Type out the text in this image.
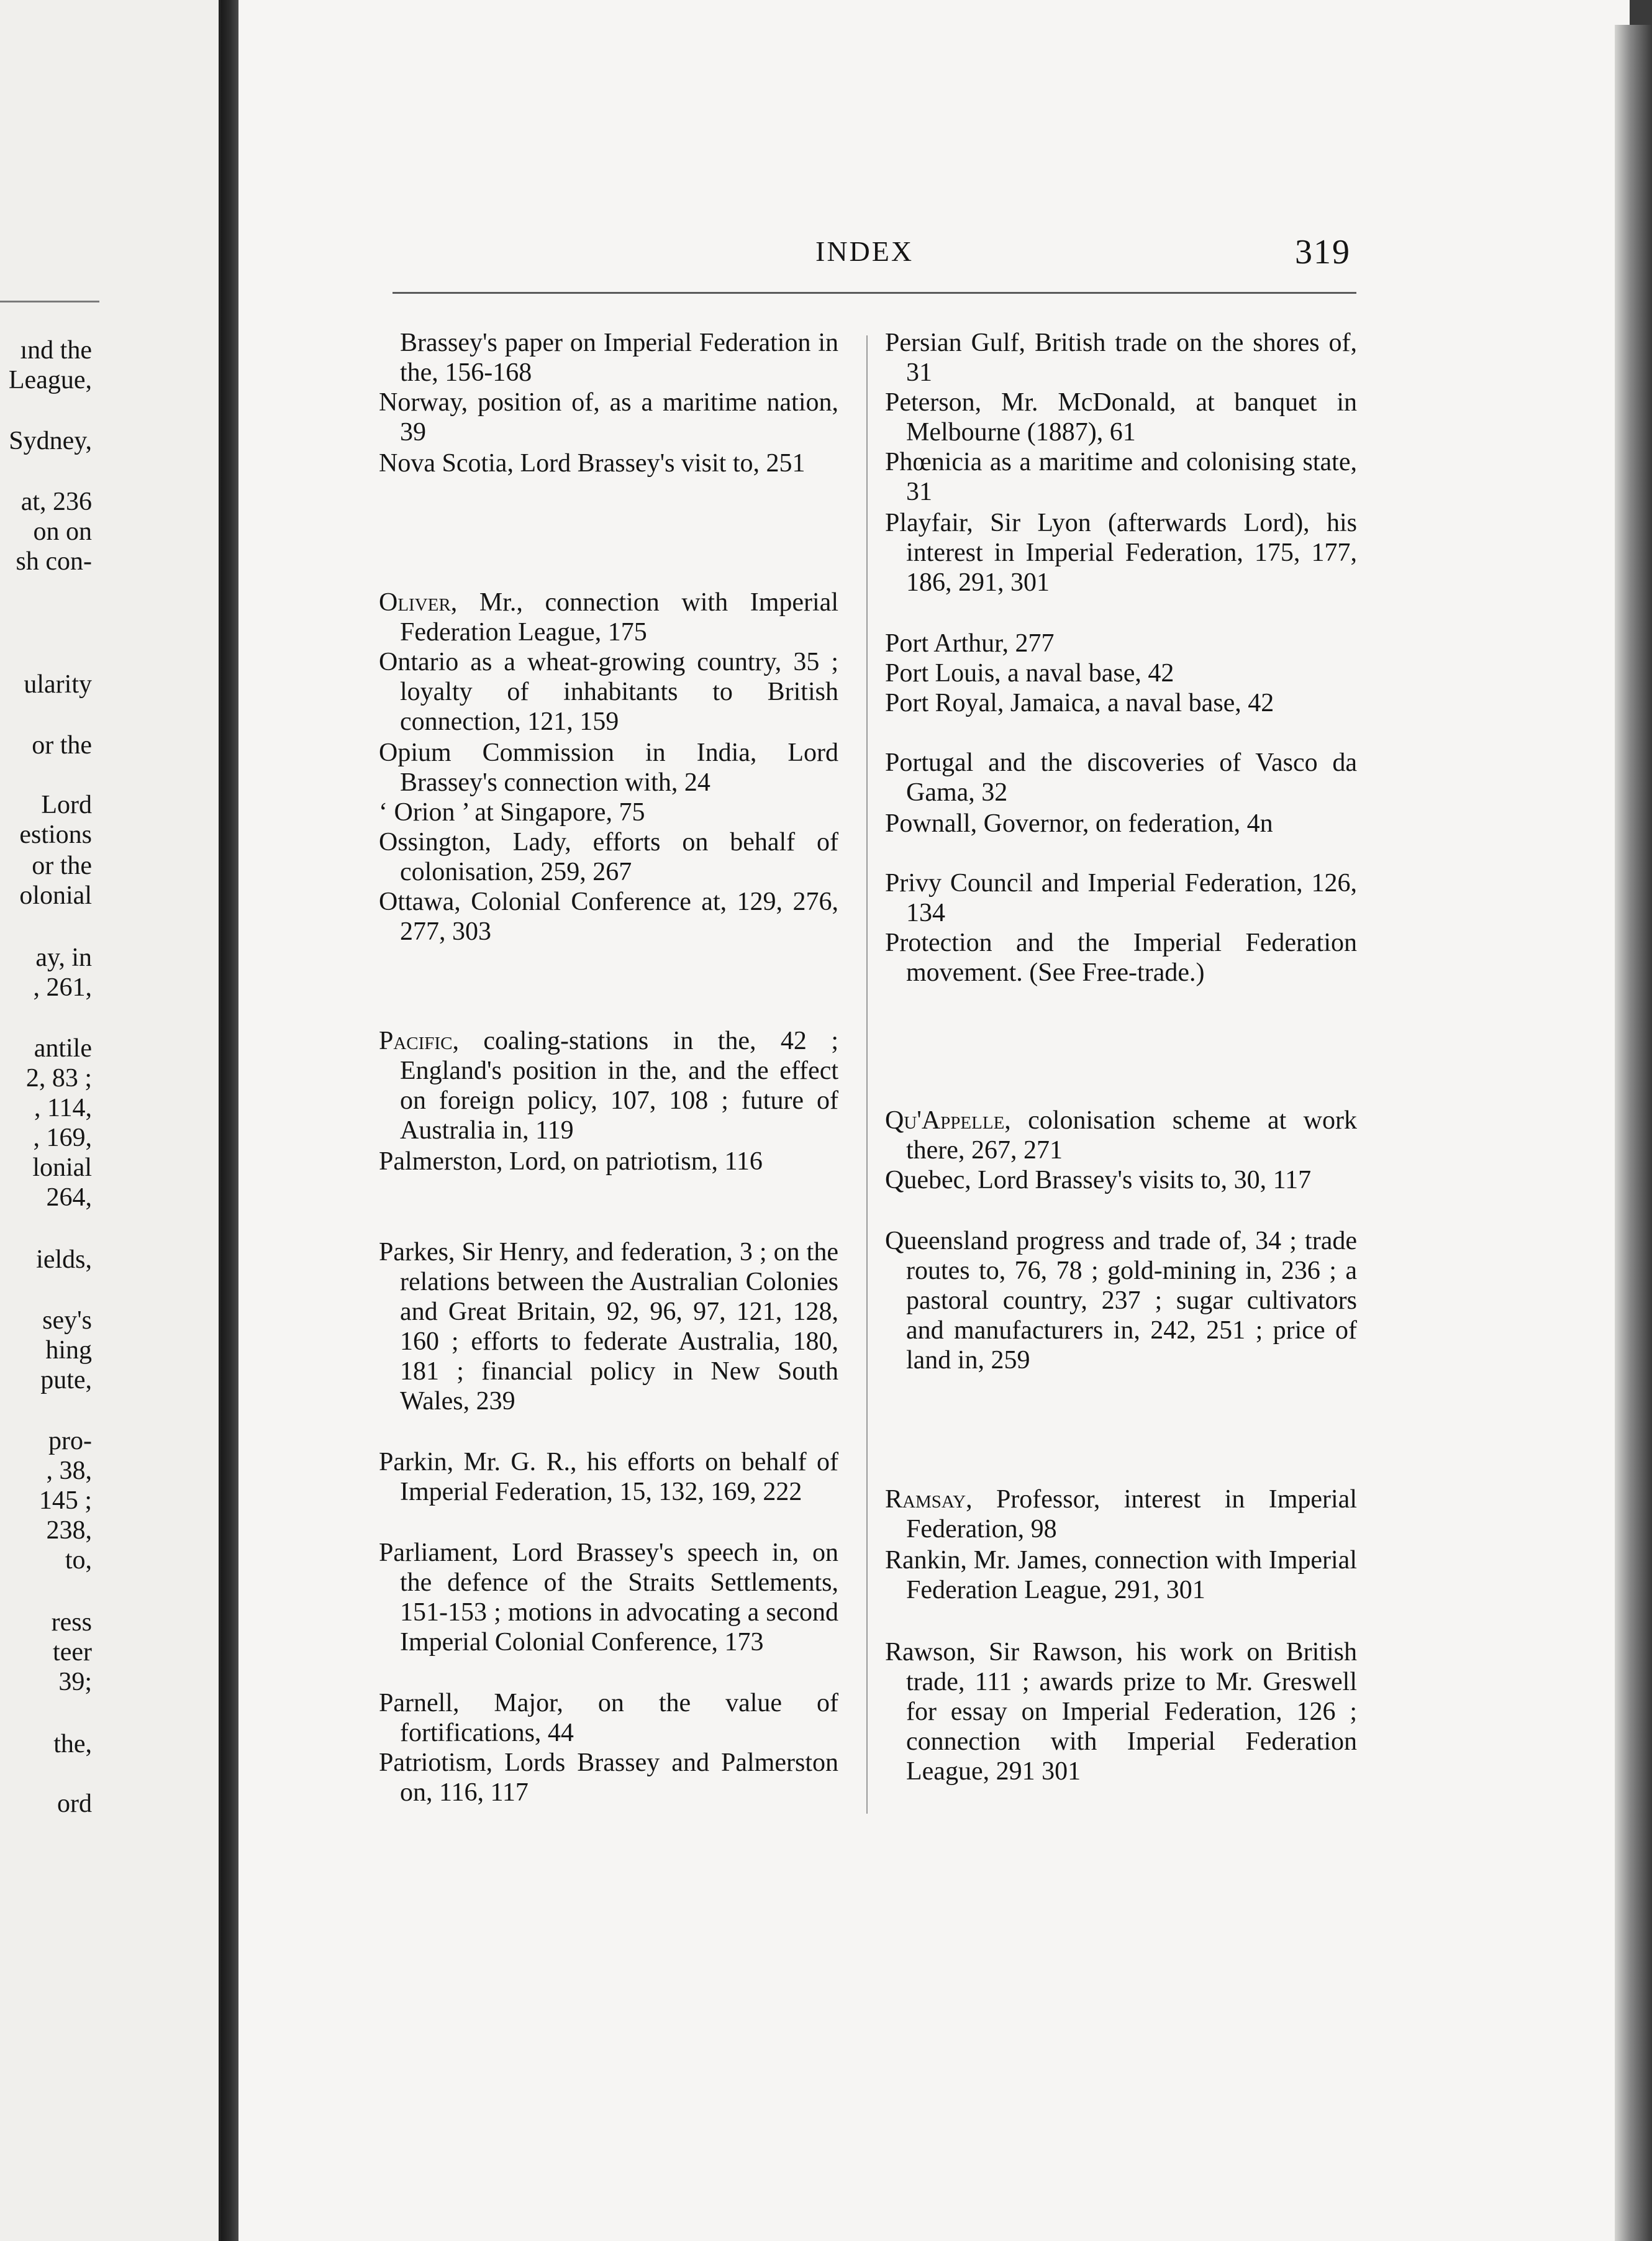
ınd the
League,
Sydney,
at, 236
on on
sh con-
ularity
or the
Lord
estions
or the
olonial
ay, in
, 261,
antile
2, 83 ;
, 114,
, 169,
lonial
264,
ields,
sey's
hing
pute,
pro-
, 38,
145 ;
238,
to,
ress
teer
39;
the,
ord
INDEX	319
Brassey's paper on Imperial Federation in the, 156-168
Norway, position of, as a maritime nation, 39
Nova Scotia, Lord Brassey's visit to, 251
Oliver, Mr., connection with Imperial Federation League, 175
Ontario as a wheat-growing country, 35 ; loyalty of inhabitants to British connection, 121, 159
Opium Commission in India, Lord Brassey's connection with, 24
‘ Orion ’ at Singapore, 75
Ossington, Lady, efforts on behalf of colonisation, 259, 267
Ottawa, Colonial Conference at, 129, 276, 277, 303
Pacific, coaling-stations in the, 42 ; England's position in the, and the effect on foreign policy, 107, 108 ; future of Australia in, 119
Palmerston, Lord, on patriotism, 116
Parkes, Sir Henry, and federation, 3 ; on the relations between the Australian Colonies and Great Britain, 92, 96, 97, 121, 128, 160 ; efforts to federate Australia, 180, 181 ; financial policy in New South Wales, 239
Parkin, Mr. G. R., his efforts on behalf of Imperial Federation, 15, 132, 169, 222
Parliament, Lord Brassey's speech in, on the defence of the Straits Settlements, 151-153 ; motions in advocating a second Imperial Colonial Conference, 173
Parnell, Major, on the value of fortifications, 44
Patriotism, Lords Brassey and Palmerston on, 116, 117
Persian Gulf, British trade on the shores of, 31
Peterson, Mr. McDonald, at banquet in Melbourne (1887), 61
Phœnicia as a maritime and colonising state, 31
Playfair, Sir Lyon (afterwards Lord), his interest in Imperial Federation, 175, 177, 186, 291, 301
Port Arthur, 277
Port Louis, a naval base, 42
Port Royal, Jamaica, a naval base, 42
Portugal and the discoveries of Vasco da Gama, 32
Pownall, Governor, on federation, 4n
Privy Council and Imperial Federation, 126, 134
Protection and the Imperial Federation movement. (See Free-trade.)
Qu'Appelle, colonisation scheme at work there, 267, 271
Quebec, Lord Brassey's visits to, 30, 117
Queensland progress and trade of, 34 ; trade routes to, 76, 78 ; gold-mining in, 236 ; a pastoral country, 237 ; sugar cultivators and manufacturers in, 242, 251 ; price of land in, 259
Ramsay, Professor, interest in Imperial Federation, 98
Rankin, Mr. James, connection with Imperial Federation League, 291, 301
Rawson, Sir Rawson, his work on British trade, 111 ; awards prize to Mr. Greswell for essay on Imperial Federation, 126 ; connection with Imperial Federation League, 291 301
